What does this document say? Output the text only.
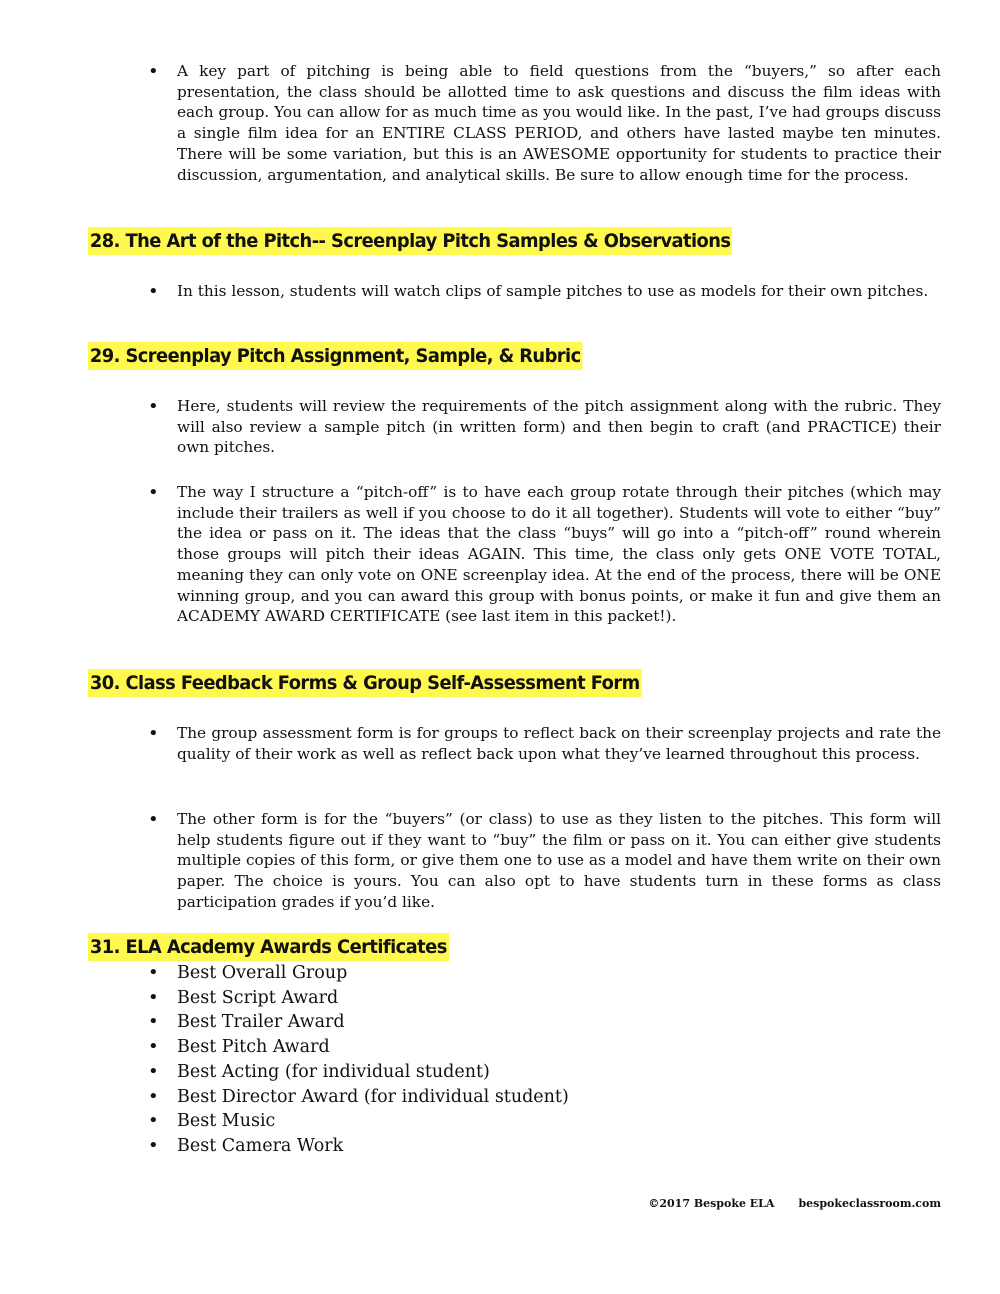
• A key part of pitching is being able to field questions from the “buyers,” so after each presentation, the class should be allotted time to ask questions and discuss the film ideas with each group. You can allow for as much time as you would like. In the past, I’ve had groups discuss a single film idea for an ENTIRE CLASS PERIOD, and others have lasted maybe ten minutes. There will be some variation, but this is an AWESOME opportunity for students to practice their discussion, argumentation, and analytical skills. Be sure to allow enough time for the process.

28. The Art of the Pitch-- Screenplay Pitch Samples & Observations
• In this lesson, students will watch clips of sample pitches to use as models for their own pitches.

29. Screenplay Pitch Assignment, Sample, & Rubric
• Here, students will review the requirements of the pitch assignment along with the rubric. They will also review a sample pitch (in written form) and then begin to craft (and PRACTICE) their own pitches.

• The way I structure a “pitch-off” is to have each group rotate through their pitches (which may include their trailers as well if you choose to do it all together). Students will vote to either “buy” the idea or pass on it. The ideas that the class “buys” will go into a “pitch-off” round wherein those groups will pitch their ideas AGAIN. This time, the class only gets ONE VOTE TOTAL, meaning they can only vote on ONE screenplay idea. At the end of the process, there will be ONE winning group, and you can award this group with bonus points, or make it fun and give them an ACADEMY AWARD CERTIFICATE (see last item in this packet!).

30. Class Feedback Forms & Group Self-Assessment Form
• The group assessment form is for groups to reflect back on their screenplay projects and rate the quality of their work as well as reflect back upon what they’ve learned throughout this process.

• The other form is for the “buyers” (or class) to use as they listen to the pitches. This form will help students figure out if they want to “buy” the film or pass on it. You can either give students multiple copies of this form, or give them one to use as a model and have them write on their own paper. The choice is yours. You can also opt to have students turn in these forms as class participation grades if you’d like.

31. ELA Academy Awards Certificates
• Best Overall Group
• Best Script Award
• Best Trailer Award
• Best Pitch Award
• Best Acting (for individual student)
• Best Director Award (for individual student)
• Best Music
• Best Camera Work
©2017 Bespoke ELA bespokeclassroom.com
